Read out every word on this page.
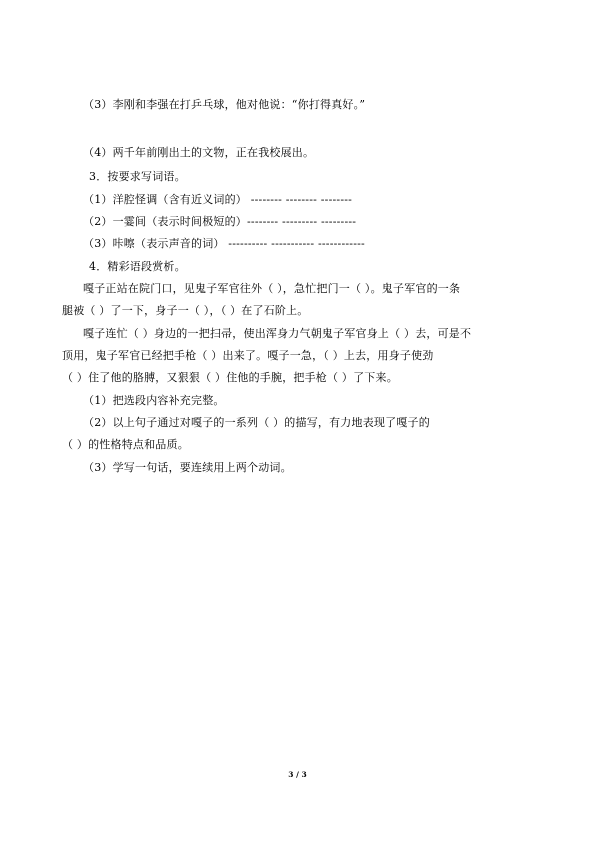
（3）李刚和李强在打乒乓球，他对他说：“你打得真好。”
（4）两千年前刚出土的文物，正在我校展出。
3．按要求写词语。
（1）洋腔怪调（含有近义词的） -------- -------- --------
（2）一霎间（表示时间极短的）-------- --------- ---------
（3）咔嚓（表示声音的词） ---------- ----------- ------------
4．精彩语段赏析。
嘎子正站在院门口，见鬼子军官往外（ ），急忙把门一（ ）。鬼子军官的一条
腿被（ ）了一下，身子一（ ），（ ）在了石阶上。
嘎子连忙（ ）身边的一把扫帚，使出浑身力气朝鬼子军官身上（ ）去，可是不
顶用，鬼子军官已经把手枪（ ）出来了。嘎子一急，（ ）上去，用身子使劲
（ ）住了他的胳膊，又狠狠（ ）住他的手腕，把手枪（ ）了下来。
（1）把选段内容补充完整。
（2）以上句子通过对嘎子的一系列（ ）的描写，有力地表现了嘎子的
（ ）的性格特点和品质。
（3）学写一句话，要连续用上两个动词。
3 / 3
